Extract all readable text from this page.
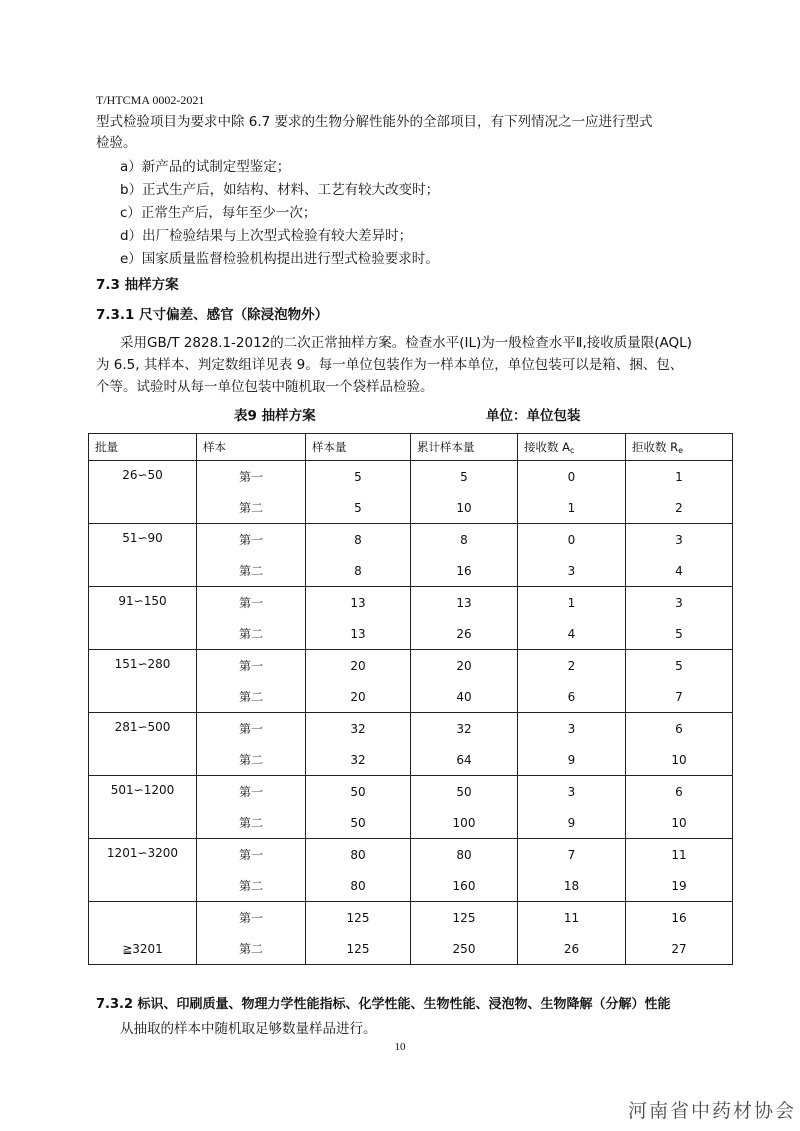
T/HTCMA 0002-2021
型式检验项目为要求中除 6.7 要求的生物分解性能外的全部项目，有下列情况之一应进行型式
检验。
a）新产品的试制定型鉴定；
b）正式生产后，如结构、材料、工艺有较大改变时；
c）正常生产后，每年至少一次；
d）出厂检验结果与上次型式检验有较大差异时；
e）国家质量监督检验机构提出进行型式检验要求时。
7.3 抽样方案
7.3.1 尺寸偏差、感官（除浸泡物外）
采用GB/T 2828.1-2012的二次正常抽样方案。检查水平(IL)为一般检查水平Ⅱ,接收质量限(AQL)
为 6.5, 其样本、判定数组详见表 9。每一单位包装作为一样本单位，单位包装可以是箱、捆、包、
个等。试验时从每一单位包装中随机取一个袋样品检验。
表9 抽样方案	单位：单位包装
批量	样本	样本量	累计样本量	接收数 $A_c$	拒收数 $R_e$
26∽50	第一	5	5	0	1
	第二	5	10	1	2
51∽90	第一	8	8	0	3
	第二	8	16	3	4
91∽150	第一	13	13	1	3
	第二	13	26	4	5
151∽280	第一	20	20	2	5
	第二	20	40	6	7
281∽500	第一	32	32	3	6
	第二	32	64	9	10
501∽1200	第一	50	50	3	6
	第二	50	100	9	10
1201∽3200	第一	80	80	7	11
	第二	80	160	18	19
≧3201	第一	125	125	11	16
	第二	125	250	26	27
7.3.2 标识、印刷质量、物理力学性能指标、化学性能、生物性能、浸泡物、生物降解（分解）性能
从抽取的样本中随机取足够数量样品进行。
10
河南省中药材协会
